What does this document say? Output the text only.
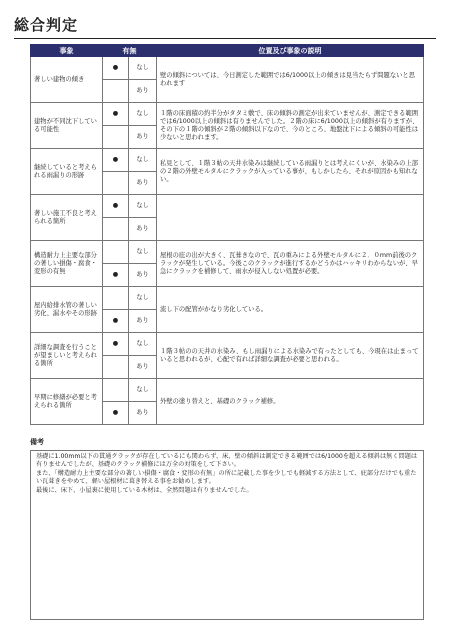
総合判定
事象	有無		位置及び事象の説明
著しい建物の傾き	●	なし	壁の傾斜については、今日測定した範囲では6/1000以上の傾きは見当たらず問題ないと思われます
		あり	
建物が不同沈下している可能性	●	なし	１階の床面積の約半分がタタミ敷で、床の傾斜の測定が出来ていませんが、測定できる範囲では6/1000以上の傾斜は有りませんでした。２階の床に6/1000以上の傾斜が有りますが、その下の１階の傾斜が２階の傾斜以下なので、今のところ、地盤沈下による傾斜の可能性は少ないと思われます。
		あり	
継続していると考えられる雨漏りの形跡	●	なし	私見として、１階３帖の天井水染みは継続している雨漏りとは考えにくいが、水染みの上部の２階の外壁モルタルにクラックが入っている事が、もしかしたら、それが原因かも知れない。
		あり	
著しい施工不良と考えられる箇所	●	なし	
		あり	
構造耐力上主要な部分の著しい損傷・腐食・変形の有無		なし	屋根の庇の出が大きく、瓦葺きなので、瓦の重みによる外壁モルタルに２．０mm前後のクラックが発生している。今後このクラックが進行するかどうかはハッキリわからないが、早急にクラックを補修して、雨水が侵入しない処置が必要。
	●	あり	
屋内給排水管の著しい劣化、漏水やその形跡		なし	流し下の配管がかなり劣化している。
	●	あり	
詳細な調査を行うことが望ましいと考えられる箇所	●	なし	１階３帖のの天井の水染み、もし雨漏りによる水染みで有ったとしても、今現在は止まっていると思われるが、心配で有れば詳細な調査が必要と思われる。
		あり	
早期に修繕が必要と考えられる箇所		なし	外壁の塗り替えと、基礎のクラック補修。
	●	あり	
備考
基礎に1.00mm以下の貫通クラックが存在しているにも関わらず、床、壁の傾斜は測定できる範囲では6/1000を超える傾斜は無く問題は有りませんでしたが、基礎のクラック補修には万全の対策をして下さい。
また、「構造耐力上主要な部分の著しい損傷・腐食・変形の有無」の所に記載した事を少しでも軽減する方法として、庇部分だけでも重たい瓦葺きをやめて、軽い屋根材に葺き替える事をお勧めします。
最後に、床下、小屋裏に使用している木材は、全然問題は有りませんでした。
